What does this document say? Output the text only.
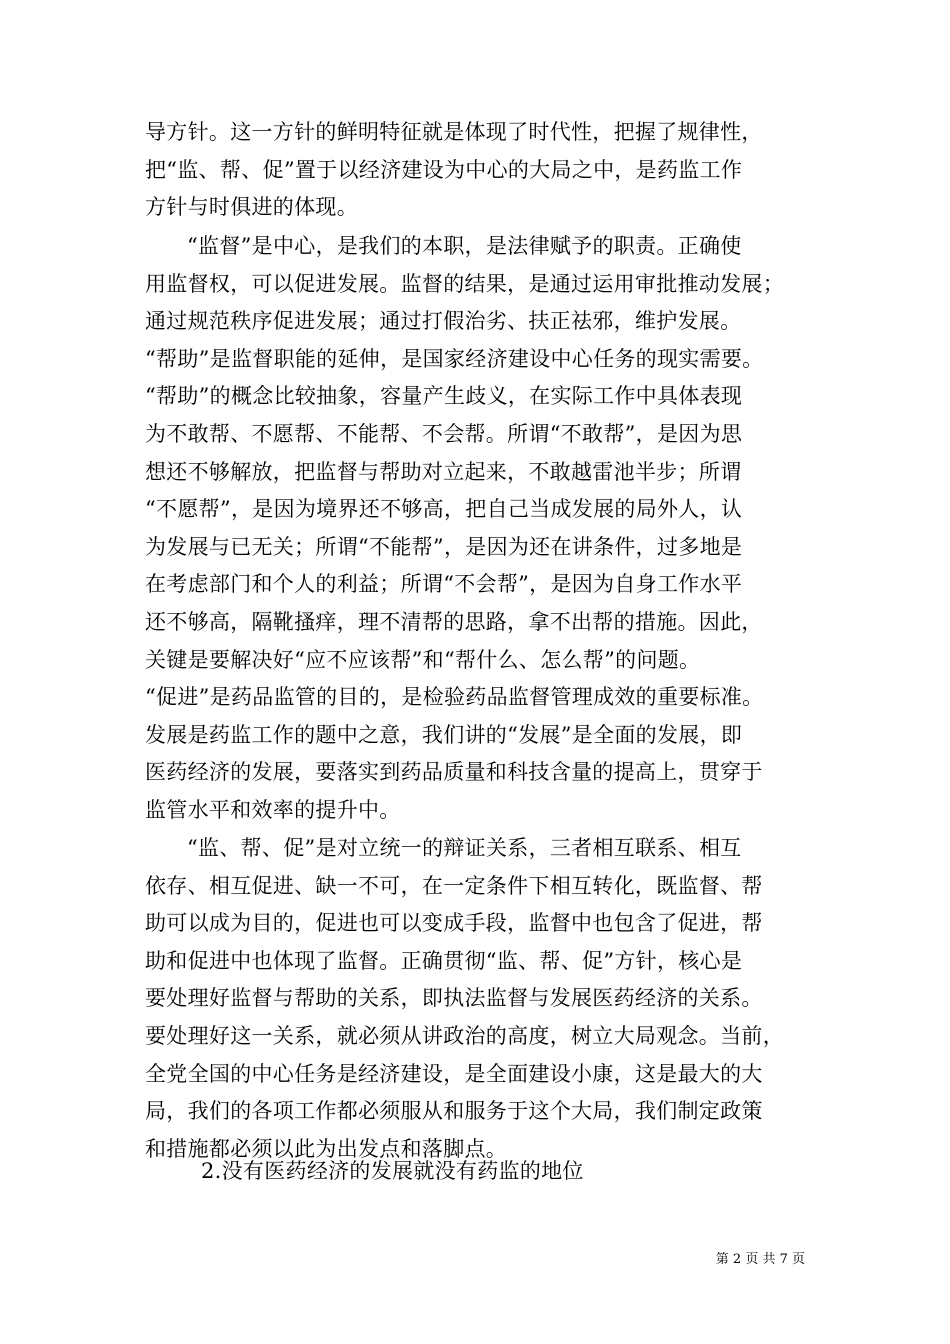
导方针。这一方针的鲜明特征就是体现了时代性，把握了规律性，
把“监、帮、促”置于以经济建设为中心的大局之中，是药监工作
方针与时俱进的体现。
“监督”是中心，是我们的本职，是法律赋予的职责。正确使
用监督权，可以促进发展。监督的结果，是通过运用审批推动发展；
通过规范秩序促进发展；通过打假治劣、扶正祛邪，维护发展。
“帮助”是监督职能的延伸，是国家经济建设中心任务的现实需要。
“帮助”的概念比较抽象，容量产生歧义，在实际工作中具体表现
为不敢帮、不愿帮、不能帮、不会帮。所谓“不敢帮”，是因为思
想还不够解放，把监督与帮助对立起来，不敢越雷池半步；所谓
“不愿帮”，是因为境界还不够高，把自己当成发展的局外人，认
为发展与已无关；所谓“不能帮”，是因为还在讲条件，过多地是
在考虑部门和个人的利益；所谓“不会帮”，是因为自身工作水平
还不够高，隔靴搔痒，理不清帮的思路，拿不出帮的措施。因此，
关键是要解决好“应不应该帮”和“帮什么、怎么帮”的问题。
“促进”是药品监管的目的，是检验药品监督管理成效的重要标准。
发展是药监工作的题中之意，我们讲的“发展”是全面的发展，即
医药经济的发展，要落实到药品质量和科技含量的提高上，贯穿于
监管水平和效率的提升中。
“监、帮、促”是对立统一的辩证关系，三者相互联系、相互
依存、相互促进、缺一不可，在一定条件下相互转化，既监督、帮
助可以成为目的，促进也可以变成手段，监督中也包含了促进，帮
助和促进中也体现了监督。正确贯彻“监、帮、促”方针，核心是
要处理好监督与帮助的关系，即执法监督与发展医药经济的关系。
要处理好这一关系，就必须从讲政治的高度，树立大局观念。当前，
全党全国的中心任务是经济建设，是全面建设小康，这是最大的大
局，我们的各项工作都必须服从和服务于这个大局，我们制定政策
和措施都必须以此为出发点和落脚点。
2.没有医药经济的发展就没有药监的地位
第 2 页 共 7 页
